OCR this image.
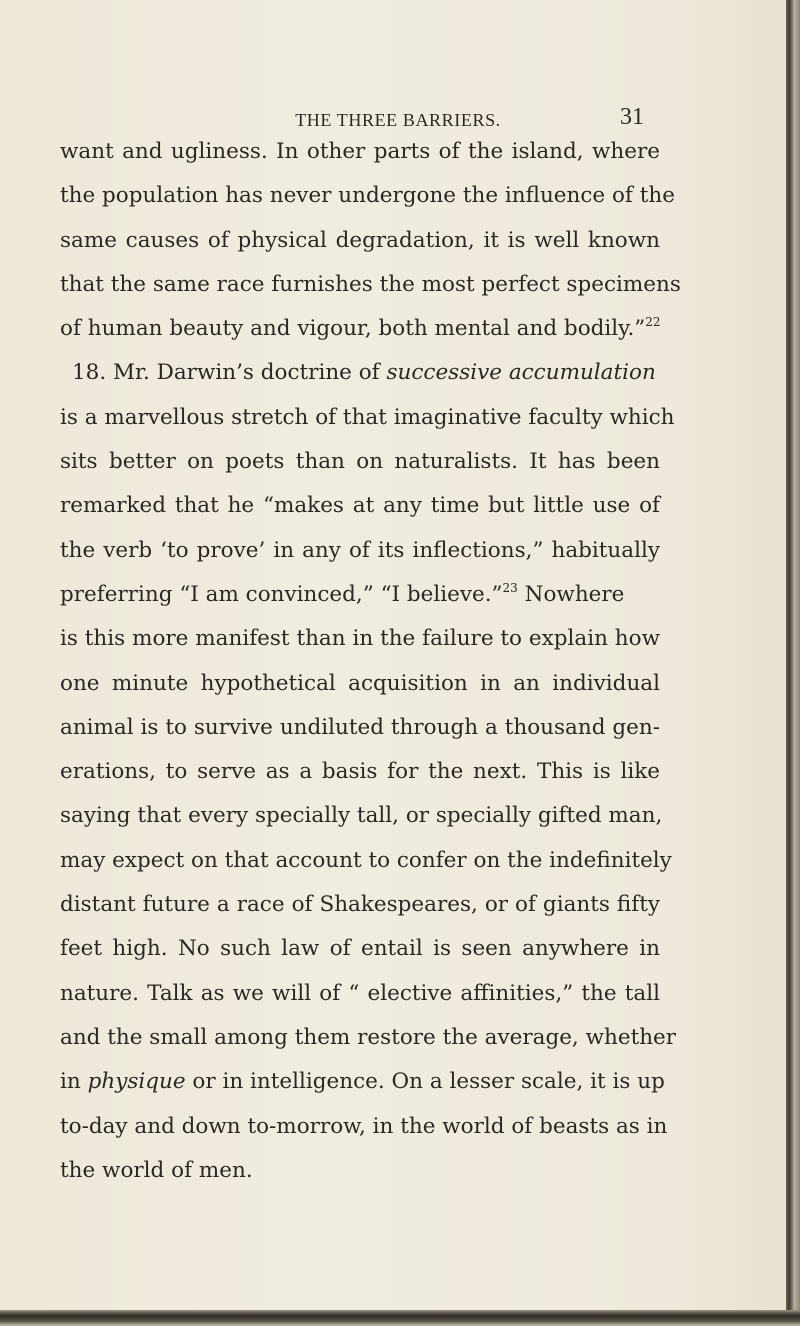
THE THREE BARRIERS.	31
want and ugliness. In other parts of the island, where
the population has never undergone the influence of the
same causes of physical degradation, it is well known
that the same race furnishes the most perfect specimens
of human beauty and vigour, both mental and bodily.”$^{22}$
18. Mr. Darwin’s doctrine of successive accumulation
is a marvellous stretch of that imaginative faculty which
sits better on poets than on naturalists. It has been
remarked that he “makes at any time but little use of
the verb ‘to prove’ in any of its inflections,” habitually
preferring “I am convinced,” “I believe.”$^{23}$ Nowhere
is this more manifest than in the failure to explain how
one minute hypothetical acquisition in an individual
animal is to survive undiluted through a thousand gen-
erations, to serve as a basis for the next. This is like
saying that every specially tall, or specially gifted man,
may expect on that account to confer on the indefinitely
distant future a race of Shakespeares, or of giants fifty
feet high. No such law of entail is seen anywhere in
nature. Talk as we will of “ elective affinities,” the tall
and the small among them restore the average, whether
in physique or in intelligence. On a lesser scale, it is up
to-day and down to-morrow, in the world of beasts as in
the world of men.
